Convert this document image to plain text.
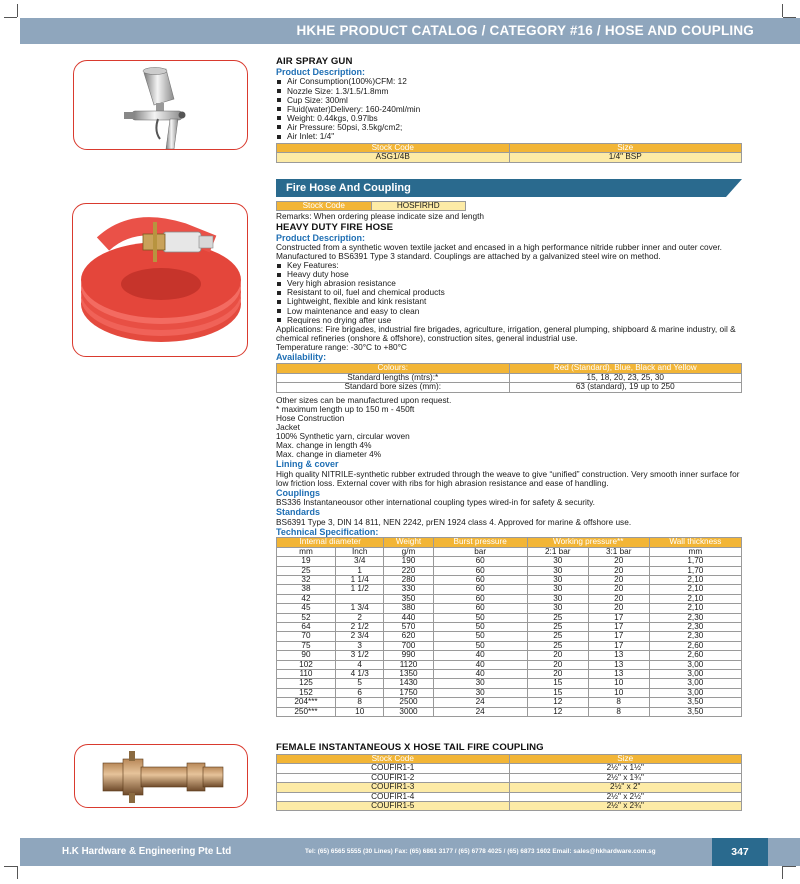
HKHE PRODUCT CATALOG / CATEGORY #16 / HOSE AND COUPLING
AIR SPRAY GUN
Product Description:
Air Consumption(100%)CFM: 12
Nozzle Size: 1.3/1.5/1.8mm
Cup Size: 300ml
Fluid(water)Delivery: 160-240ml/min
Weight: 0.44kgs, 0.97lbs
Air Pressure: 50psi, 3.5kg/cm2;
Air Inlet: 1/4"
Stock Code	Size
ASG1/4B	1/4" BSP
Fire Hose And Coupling
Stock Code	HOSFIRHD
Remarks: When ordering please indicate size and length
HEAVY DUTY FIRE HOSE
Product Description:
Constructed from a synthetic woven textile jacket and encased in a high performance nitride rubber inner and outer cover. Manufactured to BS6391 Type 3 standard. Couplings are attached by a galvanized steel wire on method.
Key Features:
Heavy duty hose
Very high abrasion resistance
Resistant to oil, fuel and chemical products
Lightweight, flexible and kink resistant
Low maintenance and easy to clean
Requires no drying after use
Applications: Fire brigades, industrial fire brigades, agriculture, irrigation, general plumping, shipboard & marine industry, oil & chemical refineries (onshore & offshore), construction sites, general industrial use.
Temperature range: -30°C to +80°C
Availability:
Colours:	Red (Standard), Blue, Black and Yellow
Standard lengths (mtrs):*	15, 18, 20, 23, 25, 30
Standard bore sizes (mm):	63 (standard), 19 up to 250
Other sizes can be manufactured upon request.
* maximum length up to 150 m - 450ft
Hose Construction
Jacket
100% Synthetic yarn, circular woven
Max. change in length 4%
Max. change in diameter 4%
Lining & cover
High quality NITRILE-synthetic rubber extruded through the weave to give “unified” construction. Very smooth inner surface for low friction loss. External cover with ribs for high abrasion resistance and ease of handling.
Couplings
BS336 Instantaneousor other international coupling types wired-in for safety & security.
Standards
BS6391 Type 3, DIN 14 811, NEN 2242, prEN 1924 class 4. Approved for marine & offshore use.
Technical Specification:
Internal diameter		Weight	Burst pressure	Working pressure**		Wall thickness
mm	Inch	g/m	bar	2:1 bar	3:1 bar	mm
19	3/4	190	60	30	20	1,70
25	1	220	60	30	20	1,70
32	1 1/4	280	60	30	20	2,10
38	1 1/2	330	60	30	20	2,10
42		350	60	30	20	2,10
45	1 3/4	380	60	30	20	2,10
52	2	440	50	25	17	2,30
64	2 1/2	570	50	25	17	2,30
70	2 3/4	620	50	25	17	2,30
75	3	700	50	25	17	2,60
90	3 1/2	990	40	20	13	2,60
102	4	1120	40	20	13	3,00
110	4 1/3	1350	40	20	13	3,00
125	5	1430	30	15	10	3,00
152	6	1750	30	15	10	3,00
204***	8	2500	24	12	8	3,50
250***	10	3000	24	12	8	3,50
FEMALE INSTANTANEOUS X HOSE TAIL FIRE COUPLING
Stock Code	Size
COUFIR1-1	2½" x 1½"
COUFIR1-2	2½" x 1¾"
COUFIR1-3	2½" x 2"
COUFIR1-4	2½" x 2½"
COUFIR1-5	2½" x 2¾"
H.K Hardware & Engineering Pte Ltd	Tel: (65) 6565 5555 (30 Lines) Fax: (65) 6861 3177 / (65) 6778 4025 / (65) 6873 1602 Email: sales@hkhardware.com.sg	347
